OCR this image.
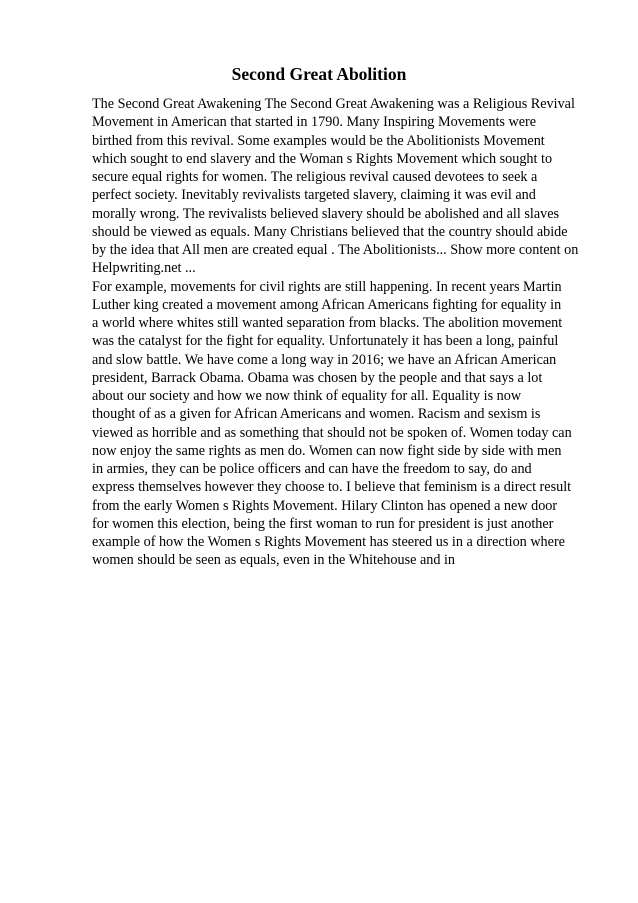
Second Great Abolition
The Second Great Awakening The Second Great Awakening was a Religious Revival
Movement in American that started in 1790. Many Inspiring Movements were
birthed from this revival. Some examples would be the Abolitionists Movement
which sought to end slavery and the Woman s Rights Movement which sought to
secure equal rights for women. The religious revival caused devotees to seek a
perfect society. Inevitably revivalists targeted slavery, claiming it was evil and
morally wrong. The revivalists believed slavery should be abolished and all slaves
should be viewed as equals. Many Christians believed that the country should abide
by the idea that All men are created equal . The Abolitionists... Show more content on
Helpwriting.net ...
For example, movements for civil rights are still happening. In recent years Martin
Luther king created a movement among African Americans fighting for equality in
a world where whites still wanted separation from blacks. The abolition movement
was the catalyst for the fight for equality. Unfortunately it has been a long, painful
and slow battle. We have come a long way in 2016; we have an African American
president, Barrack Obama. Obama was chosen by the people and that says a lot
about our society and how we now think of equality for all. Equality is now
thought of as a given for African Americans and women. Racism and sexism is
viewed as horrible and as something that should not be spoken of. Women today can
now enjoy the same rights as men do. Women can now fight side by side with men
in armies, they can be police officers and can have the freedom to say, do and
express themselves however they choose to. I believe that feminism is a direct result
from the early Women s Rights Movement. Hilary Clinton has opened a new door
for women this election, being the first woman to run for president is just another
example of how the Women s Rights Movement has steered us in a direction where
women should be seen as equals, even in the Whitehouse and in
